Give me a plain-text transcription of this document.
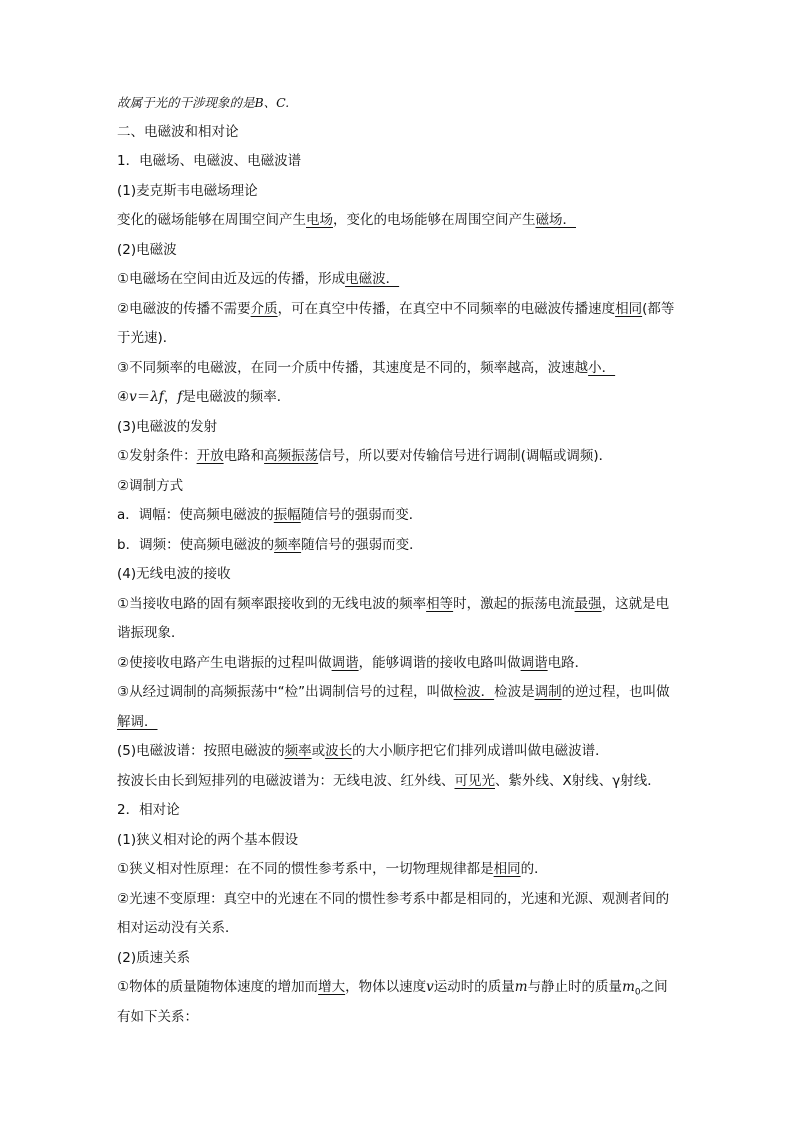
故属于光的干涉现象的是B、C.

二、电磁波和相对论

1．电磁场、电磁波、电磁波谱

(1)麦克斯韦电磁场理论

变化的磁场能够在周围空间产生电场，变化的电场能够在周围空间产生磁场．

(2)电磁波

①电磁场在空间由近及远的传播，形成电磁波．

②电磁波的传播不需要介质，可在真空中传播，在真空中不同频率的电磁波传播速度相同(都等于光速)．

③不同频率的电磁波，在同一介质中传播，其速度是不同的，频率越高，波速越小．

④v＝λf，f是电磁波的频率．

(3)电磁波的发射

①发射条件：开放电路和高频振荡信号，所以要对传输信号进行调制(调幅或调频)．

②调制方式

a．调幅：使高频电磁波的振幅随信号的强弱而变．

b．调频：使高频电磁波的频率随信号的强弱而变．

(4)无线电波的接收

①当接收电路的固有频率跟接收到的无线电波的频率相等时，激起的振荡电流最强，这就是电谐振现象．

②使接收电路产生电谐振的过程叫做调谐，能够调谐的接收电路叫做调谐电路．

③从经过调制的高频振荡中“检”出调制信号的过程，叫做检波．检波是调制的逆过程，也叫做解调．

(5)电磁波谱：按照电磁波的频率或波长的大小顺序把它们排列成谱叫做电磁波谱．

按波长由长到短排列的电磁波谱为：无线电波、红外线、可见光、紫外线、X射线、γ射线．

2．相对论

(1)狭义相对论的两个基本假设

①狭义相对性原理：在不同的惯性参考系中，一切物理规律都是相同的．

②光速不变原理：真空中的光速在不同的惯性参考系中都是相同的，光速和光源、观测者间的相对运动没有关系．

(2)质速关系

①物体的质量随物体速度的增加而增大，物体以速度v运动时的质量m与静止时的质量$m_0$之间有如下关系：
